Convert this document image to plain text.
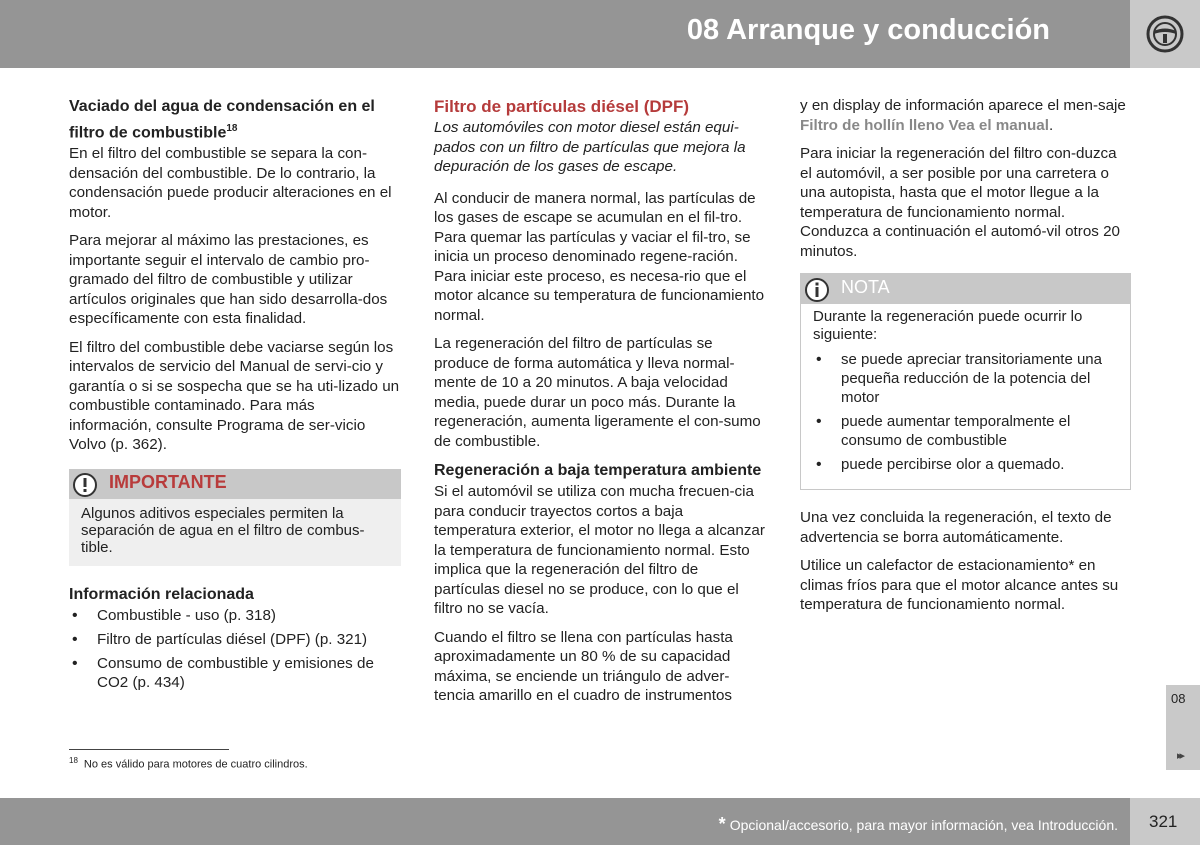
08 Arranque y conducción
Vaciado del agua de condensación en el filtro de combustible$^{18}$

En el filtro del combustible se separa la con-densación del combustible. De lo contrario, la condensación puede producir alteraciones en el motor.

Para mejorar al máximo las prestaciones, es importante seguir el intervalo de cambio pro-gramado del filtro de combustible y utilizar artículos originales que han sido desarrolla-dos específicamente con esta finalidad.

El filtro del combustible debe vaciarse según los intervalos de servicio del Manual de servi-cio y garantía o si se sospecha que se ha uti-lizado un combustible contaminado. Para más información, consulte Programa de ser-vicio Volvo (p. 362).

IMPORTANTE
Algunos aditivos especiales permiten la separación de agua en el filtro de combus-tible.
Información relacionada
• Combustible - uso (p. 318)
• Filtro de partículas diésel (DPF) (p. 321)
• Consumo de combustible y emisiones de CO2 (p. 434)
Filtro de partículas diésel (DPF)

Los automóviles con motor diesel están equi-pados con un filtro de partículas que mejora la depuración de los gases de escape.

Al conducir de manera normal, las partículas de los gases de escape se acumulan en el fil-tro. Para quemar las partículas y vaciar el fil-tro, se inicia un proceso denominado regene-ración. Para iniciar este proceso, es necesa-rio que el motor alcance su temperatura de funcionamiento normal.

La regeneración del filtro de partículas se produce de forma automática y lleva normal-mente de 10 a 20 minutos. A baja velocidad media, puede durar un poco más. Durante la regeneración, aumenta ligeramente el con-sumo de combustible.

Regeneración a baja temperatura ambiente

Si el automóvil se utiliza con mucha frecuen-cia para conducir trayectos cortos a baja temperatura exterior, el motor no llega a alcanzar la temperatura de funcionamiento normal. Esto implica que la regeneración del filtro de partículas diesel no se produce, con lo que el filtro no se vacía.

Cuando el filtro se llena con partículas hasta aproximadamente un 80 % de su capacidad máxima, se enciende un triángulo de adver-tencia amarillo en el cuadro de instrumentos

y en display de información aparece el men-saje Filtro de hollín lleno Vea el manual.

Para iniciar la regeneración del filtro con-duzca el automóvil, a ser posible por una carretera o una autopista, hasta que el motor llegue a la temperatura de funcionamiento normal. Conduzca a continuación el automó-vil otros 20 minutos.

NOTA
Durante la regeneración puede ocurrir lo siguiente:
• se puede apreciar transitoriamente una pequeña reducción de la potencia del motor
• puede aumentar temporalmente el consumo de combustible
• puede percibirse olor a quemado.

Una vez concluida la regeneración, el texto de advertencia se borra automáticamente.

Utilice un calefactor de estacionamiento* en climas fríos para que el motor alcance antes su temperatura de funcionamiento normal.

$^{18}$ No es válido para motores de cuatro cilindros.
08
▸▸
* Opcional/accesorio, para mayor información, vea Introducción. 321
